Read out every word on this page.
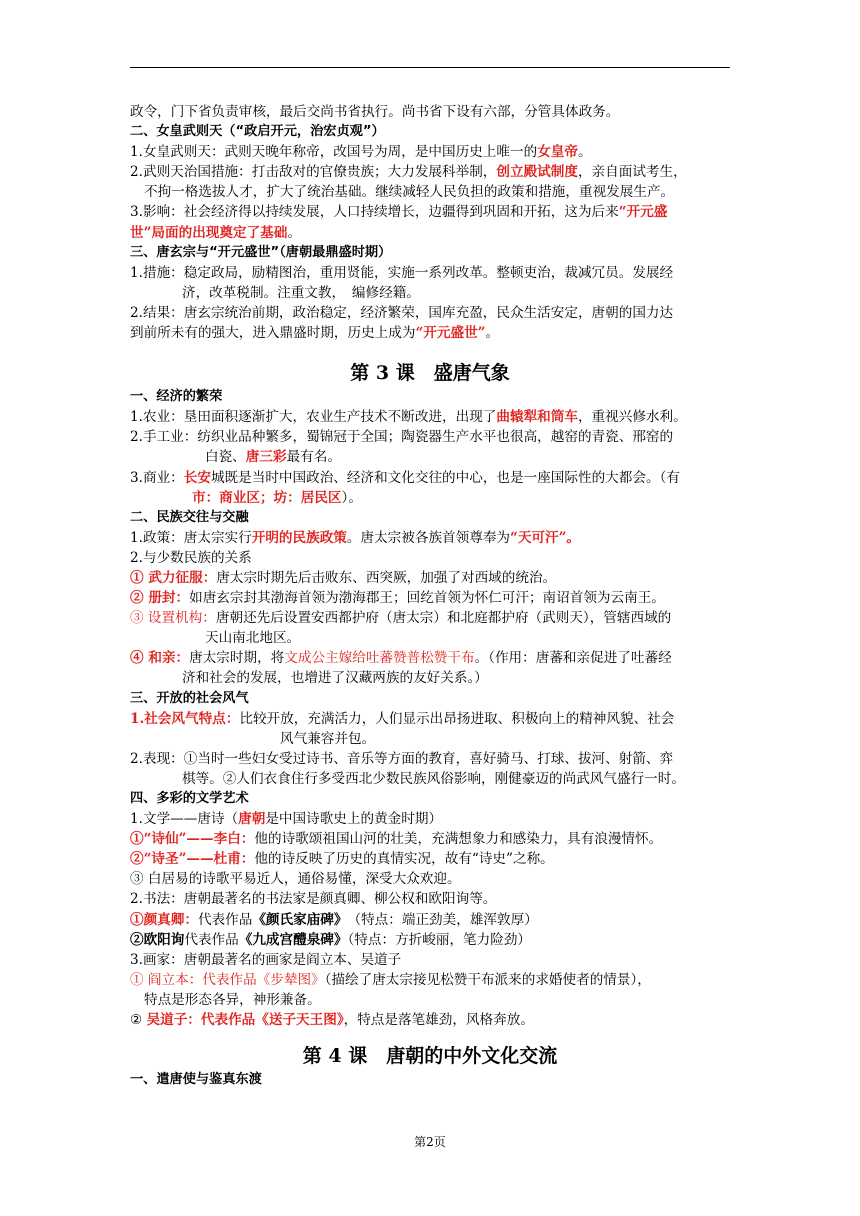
政令，门下省负责审核，最后交尚书省执行。尚书省下设有六部，分管具体政务。
二、女皇武则天（“政启开元，治宏贞观”）
1.女皇武则天：武则天晚年称帝，改国号为周，是中国历史上唯一的女皇帝。
2.武则天治国措施：打击敌对的官僚贵族；大力发展科举制，创立殿试制度，亲自面试考生，
不拘一格选拔人才，扩大了统治基础。继续减轻人民负担的政策和措施，重视发展生产。
3.影响：社会经济得以持续发展，人口持续增长，边疆得到巩固和开拓，这为后来“开元盛
世”局面的出现奠定了基础。
三、唐玄宗与“开元盛世”（唐朝最鼎盛时期）
1.措施：稳定政局，励精图治，重用贤能，实施一系列改革。整顿吏治，裁减冗员。发展经
济，改革税制。注重文教，　编修经籍。
2.结果：唐玄宗统治前期，政治稳定，经济繁荣，国库充盈，民众生活安定，唐朝的国力达
到前所未有的强大，进入鼎盛时期，历史上成为“开元盛世”。
第 3 课　盛唐气象
一、经济的繁荣
1.农业：垦田面积逐渐扩大，农业生产技术不断改进，出现了曲辕犁和筒车，重视兴修水利。
2.手工业：纺织业品种繁多，蜀锦冠于全国；陶瓷器生产水平也很高，越窑的青瓷、邢窑的
白瓷、唐三彩最有名。
3.商业：长安城既是当时中国政治、经济和文化交往的中心，也是一座国际性的大都会。（有
市：商业区；坊：居民区）。
二、民族交往与交融
1.政策：唐太宗实行开明的民族政策。唐太宗被各族首领尊奉为“天可汗”。
2.与少数民族的关系
① 武力征服：唐太宗时期先后击败东、西突厥，加强了对西域的统治。
② 册封：如唐玄宗封其渤海首领为渤海郡王；回纥首领为怀仁可汗；南诏首领为云南王。
③ 设置机构：唐朝还先后设置安西都护府（唐太宗）和北庭都护府（武则天），管辖西域的
天山南北地区。
④ 和亲：唐太宗时期，将文成公主嫁给吐蕃赞普松赞干布。（作用：唐蕃和亲促进了吐蕃经
济和社会的发展，也增进了汉藏两族的友好关系。）
三、开放的社会风气
1.社会风气特点：比较开放，充满活力，人们显示出昂扬进取、积极向上的精神风貌、社会
风气兼容并包。
2.表现：①当时一些妇女受过诗书、音乐等方面的教育，喜好骑马、打球、拔河、射箭、弈
棋等。②人们衣食住行多受西北少数民族风俗影响，刚健豪迈的尚武风气盛行一时。
四、多彩的文学艺术
1.文学——唐诗（唐朝是中国诗歌史上的黄金时期）
①“诗仙”——李白：他的诗歌颂祖国山河的壮美，充满想象力和感染力，具有浪漫情怀。
②“诗圣”——杜甫：他的诗反映了历史的真情实况，故有“诗史”之称。
③ 白居易的诗歌平易近人，通俗易懂，深受大众欢迎。
2.书法：唐朝最著名的书法家是颜真卿、柳公权和欧阳询等。
①颜真卿：代表作品《颜氏家庙碑》　（特点：端正劲美，雄浑敦厚）
②欧阳询代表作品《九成宫醴泉碑》（特点：方折峻丽，笔力险劲）
3.画家：唐朝最著名的画家是阎立本、吴道子
① 阎立本：代表作品《步辇图》（描绘了唐太宗接见松赞干布派来的求婚使者的情景），
特点是形态各异，神形兼备。
② 吴道子：代表作品《送子天王图》，特点是落笔雄劲，风格奔放。
第 4 课　唐朝的中外文化交流
一、遣唐使与鉴真东渡
第2页
